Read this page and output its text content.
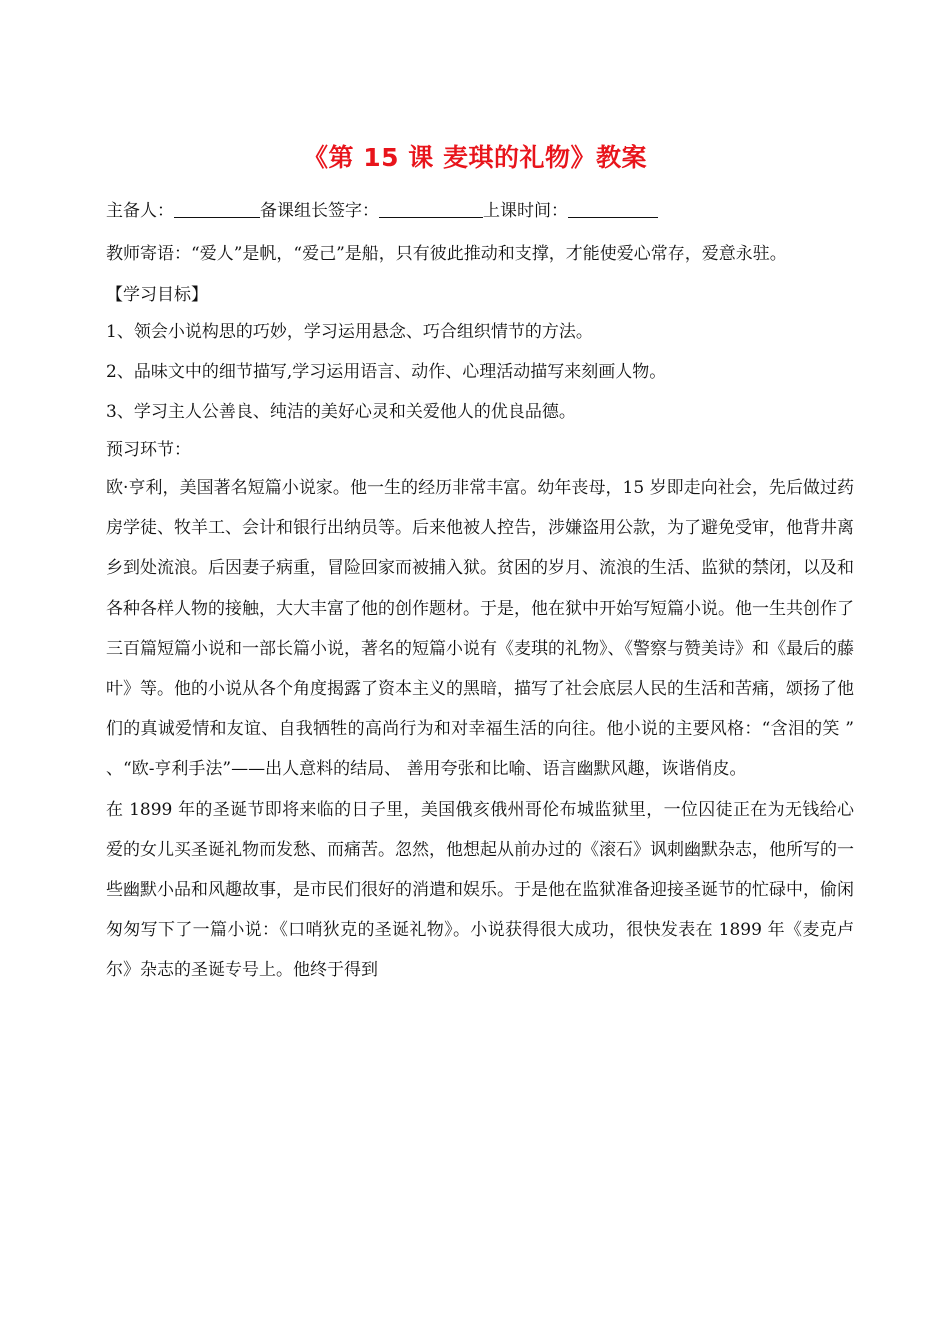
《第 15 课 麦琪的礼物》教案
主备人：	备课组长签字：	上课时间：

教师寄语：“爱人”是帆，“爱己”是船，只有彼此推动和支撑，才能使爱心常存，爱意永驻。

【学习目标】

1、领会小说构思的巧妙，学习运用悬念、巧合组织情节的方法。

2、品味文中的细节描写,学习运用语言、动作、心理活动描写来刻画人物。

3、学习主人公善良、纯洁的美好心灵和关爱他人的优良品德。

预习环节：

欧·亨利，美国著名短篇小说家。他一生的经历非常丰富。幼年丧母，15 岁即走向社会，先后做过药房学徒、牧羊工、会计和银行出纳员等。后来他被人控告，涉嫌盗用公款，为了避免受审，他背井离乡到处流浪。后因妻子病重，冒险回家而被捕入狱。贫困的岁月、流浪的生活、监狱的禁闭，以及和各种各样人物的接触，大大丰富了他的创作题材。于是，他在狱中开始写短篇小说。他一生共创作了三百篇短篇小说和一部长篇小说，著名的短篇小说有《麦琪的礼物》、《警察与赞美诗》和《最后的藤叶》等。他的小说从各个角度揭露了资本主义的黑暗，描写了社会底层人民的生活和苦痛，颂扬了他们的真诚爱情和友谊、自我牺牲的高尚行为和对幸福生活的向往。他小说的主要风格：“含泪的笑 ” 、“欧-亨利手法”——出人意料的结局、 善用夸张和比喻、语言幽默风趣，诙谐俏皮。

在 1899 年的圣诞节即将来临的日子里，美国俄亥俄州哥伦布城监狱里，一位囚徒正在为无钱给心爱的女儿买圣诞礼物而发愁、而痛苦。忽然，他想起从前办过的《滚石》讽刺幽默杂志，他所写的一些幽默小品和风趣故事，是市民们很好的消遣和娱乐。于是他在监狱准备迎接圣诞节的忙碌中，偷闲匆匆写下了一篇小说：《口哨狄克的圣诞礼物》。小说获得很大成功，很快发表在 1899 年《麦克卢尔》杂志的圣诞专号上。他终于得到
